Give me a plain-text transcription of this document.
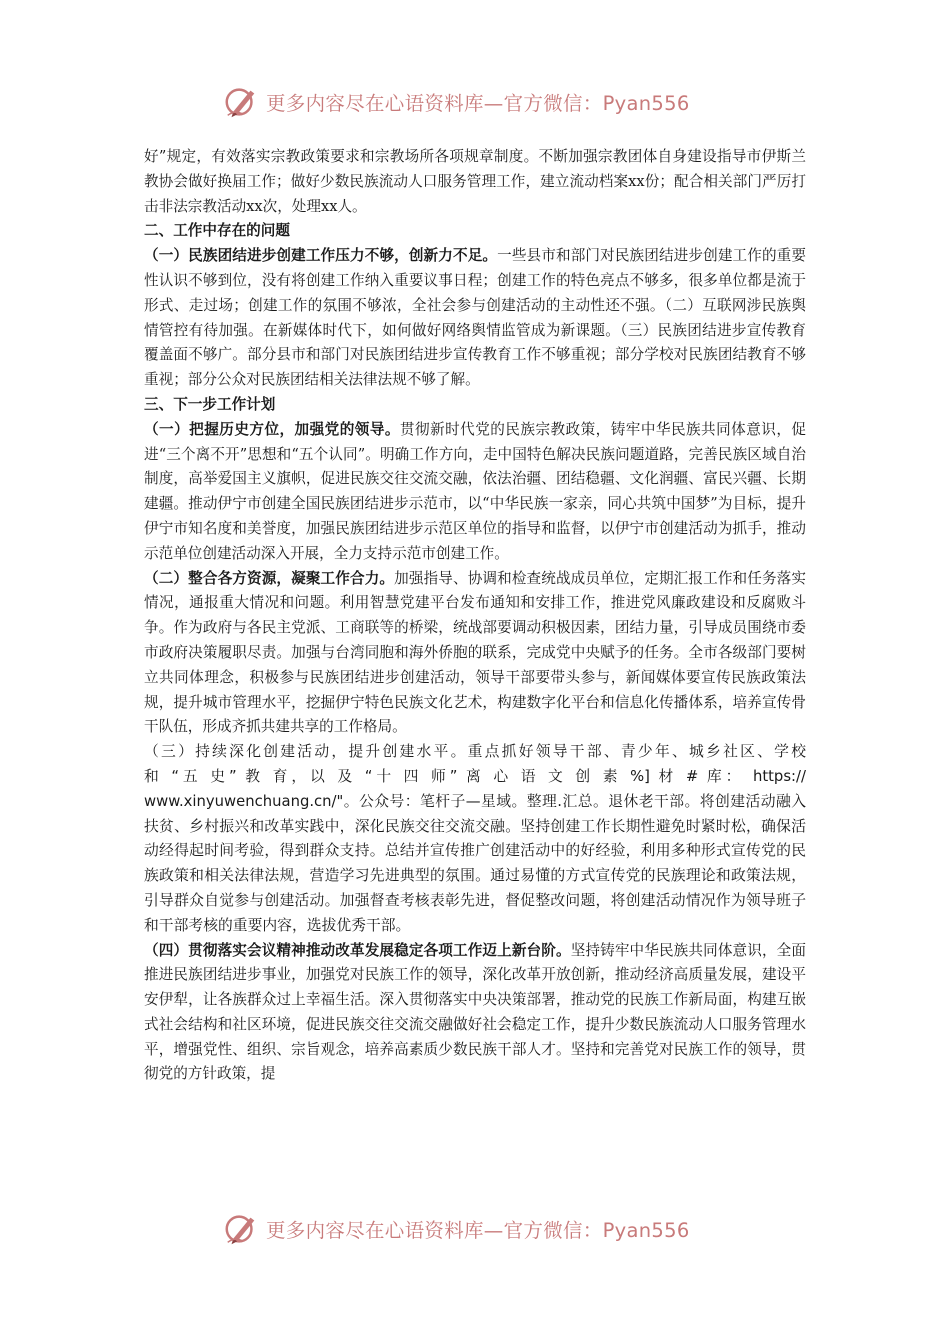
更多内容尽在心语资料库—官方微信：Pyan556

好”规定，有效落实宗教政策要求和宗教场所各项规章制度。不断加强宗教团体自身建设指导市伊斯兰教协会做好换届工作；做好少数民族流动人口服务管理工作，建立流动档案xx份；配合相关部门严厉打击非法宗教活动xx次，处理xx人。

二、工作中存在的问题

（一）民族团结进步创建工作压力不够，创新力不足。一些县市和部门对民族团结进步创建工作的重要性认识不够到位，没有将创建工作纳入重要议事日程；创建工作的特色亮点不够多，很多单位都是流于形式、走过场；创建工作的氛围不够浓，全社会参与创建活动的主动性还不强。（二）互联网涉民族舆情管控有待加强。在新媒体时代下，如何做好网络舆情监管成为新课题。（三）民族团结进步宣传教育覆盖面不够广。部分县市和部门对民族团结进步宣传教育工作不够重视；部分学校对民族团结教育不够重视；部分公众对民族团结相关法律法规不够了解。

三、下一步工作计划

（一）把握历史方位，加强党的领导。贯彻新时代党的民族宗教政策，铸牢中华民族共同体意识，促进“三个离不开”思想和“五个认同”。明确工作方向，走中国特色解决民族问题道路，完善民族区域自治制度，高举爱国主义旗帜，促进民族交往交流交融，依法治疆、团结稳疆、文化润疆、富民兴疆、长期建疆。推动伊宁市创建全国民族团结进步示范市，以“中华民族一家亲，同心共筑中国梦”为目标，提升伊宁市知名度和美誉度，加强民族团结进步示范区单位的指导和监督，以伊宁市创建活动为抓手，推动示范单位创建活动深入开展，全力支持示范市创建工作。

（二）整合各方资源，凝聚工作合力。加强指导、协调和检查统战成员单位，定期汇报工作和任务落实情况，通报重大情况和问题。利用智慧党建平台发布通知和安排工作，推进党风廉政建设和反腐败斗争。作为政府与各民主党派、工商联等的桥梁，统战部要调动积极因素，团结力量，引导成员围绕市委市政府决策履职尽责。加强与台湾同胞和海外侨胞的联系，完成党中央赋予的任务。全市各级部门要树立共同体理念，积极参与民族团结进步创建活动，领导干部要带头参与，新闻媒体要宣传民族政策法规，提升城市管理水平，挖掘伊宁特色民族文化艺术，构建数字化平台和信息化传播体系，培养宣传骨干队伍，形成齐抓共建共享的工作格局。

（三）持续深化创建活动，提升创建水平。重点抓好领导干部、青少年、城乡社区、学校

和 “五 史” 教 育，以 及 “十 四 师” 离 心 语 文 创 素 %] 材 # 库： https://

www.xinyuwenchuang.cn/"。公众号：笔杆子—星域。整理.汇总。退休老干部。将创建活动融入扶贫、乡村振兴和改革实践中，深化民族交往交流交融。坚持创建工作长期性避免时紧时松，确保活动经得起时间考验，得到群众支持。总结并宣传推广创建活动中的好经验，利用多种形式宣传党的民族政策和相关法律法规，营造学习先进典型的氛围。通过易懂的方式宣传党的民族理论和政策法规，引导群众自觉参与创建活动。加强督查考核表彰先进，督促整改问题，将创建活动情况作为领导班子和干部考核的重要内容，选拔优秀干部。

（四）贯彻落实会议精神推动改革发展稳定各项工作迈上新台阶。坚持铸牢中华民族共同体意识，全面推进民族团结进步事业，加强党对民族工作的领导，深化改革开放创新，推动经济高质量发展，建设平安伊犁，让各族群众过上幸福生活。深入贯彻落实中央决策部署，推动党的民族工作新局面，构建互嵌式社会结构和社区环境，促进民族交往交流交融做好社会稳定工作，提升少数民族流动人口服务管理水平，增强党性、组织、宗旨观念，培养高素质少数民族干部人才。坚持和完善党对民族工作的领导，贯彻党的方针政策，提

更多内容尽在心语资料库—官方微信：Pyan556
